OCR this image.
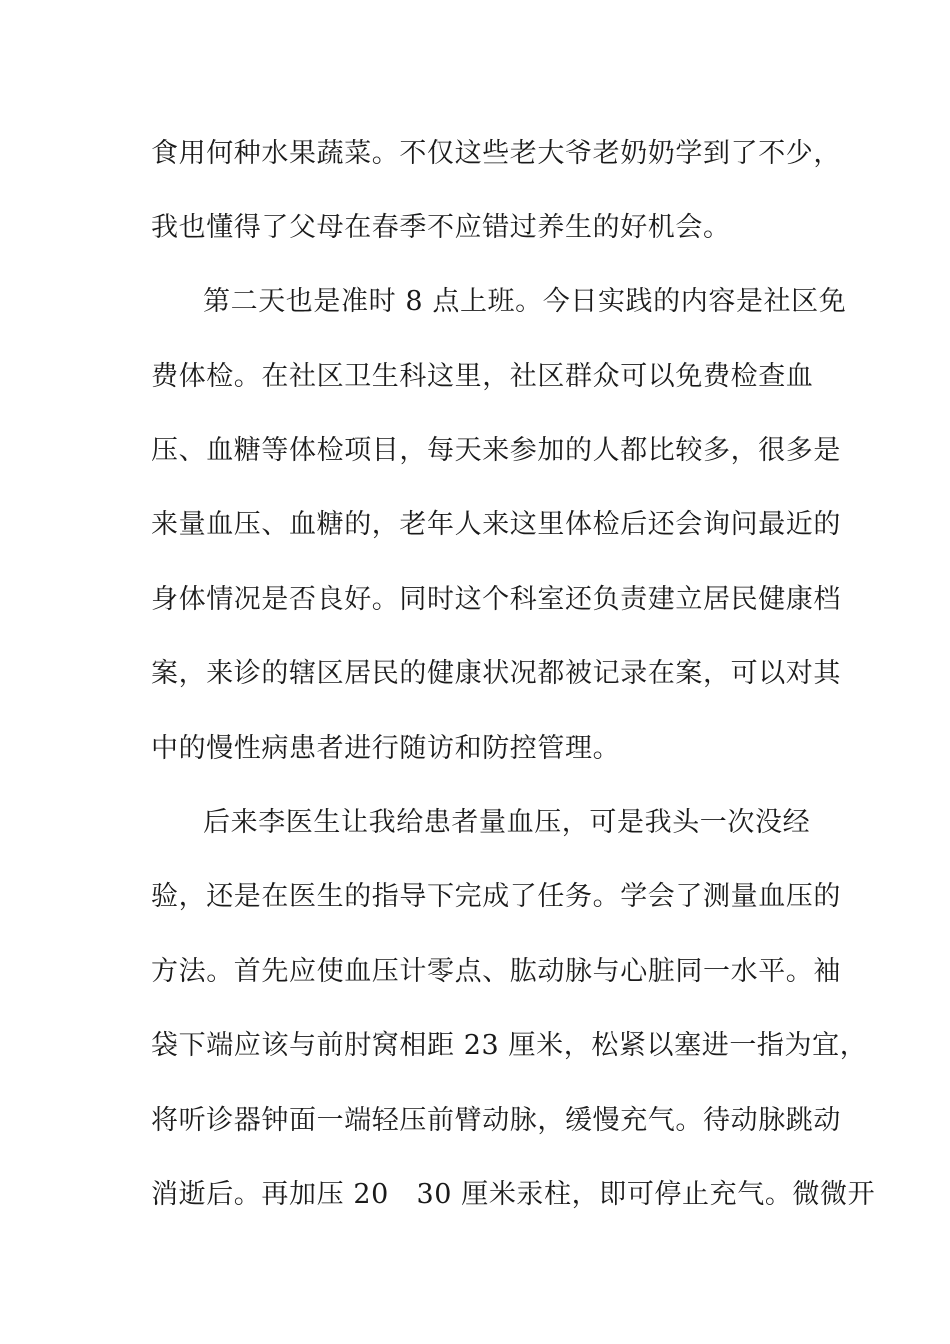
食用何种水果蔬菜。不仅这些老大爷老奶奶学到了不少，
我也懂得了父母在春季不应错过养生的好机会。
第二天也是准时 8 点上班。今日实践的内容是社区免
费体检。在社区卫生科这里，社区群众可以免费检查血
压、血糖等体检项目，每天来参加的人都比较多，很多是
来量血压、血糖的，老年人来这里体检后还会询问最近的
身体情况是否良好。同时这个科室还负责建立居民健康档
案，来诊的辖区居民的健康状况都被记录在案，可以对其
中的慢性病患者进行随访和防控管理。
后来李医生让我给患者量血压，可是我头一次没经
验，还是在医生的指导下完成了任务。学会了测量血压的
方法。首先应使血压计零点、肱动脉与心脏同一水平。袖
袋下端应该与前肘窝相距 23 厘米，松紧以塞进一指为宜，
将听诊器钟面一端轻压前臂动脉，缓慢充气。待动脉跳动
消逝后。再加压 20   30 厘米汞柱，即可停止充气。微微开
